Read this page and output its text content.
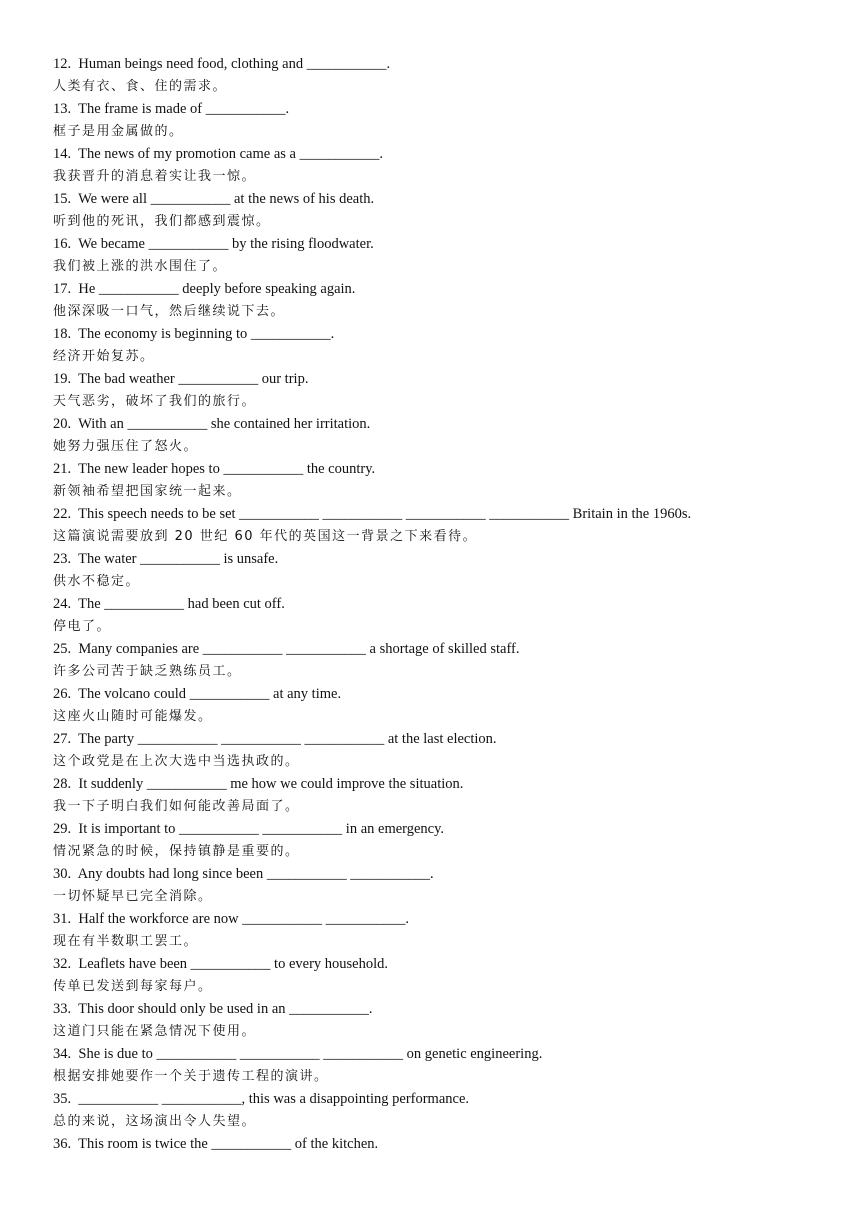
12.  Human beings need food, clothing and ___________.
人类有衣、食、住的需求。
13.  The frame is made of ___________.
框子是用金属做的。
14.  The news of my promotion came as a ___________.
我获晋升的消息着实让我一惊。
15.  We were all ___________ at the news of his death.
听到他的死讯，我们都感到震惊。
16.  We became ___________ by the rising floodwater.
我们被上涨的洪水围住了。
17.  He ___________ deeply before speaking again.
他深深吸一口气，然后继续说下去。
18.  The economy is beginning to ___________.
经济开始复苏。
19.  The bad weather ___________ our trip.
天气恶劣，破坏了我们的旅行。
20.  With an ___________ she contained her irritation.
她努力强压住了怒火。
21.  The new leader hopes to ___________ the country.
新领袖希望把国家统一起来。
22.  This speech needs to be set ___________ ___________ ___________ ___________ Britain in the 1960s.
这篇演说需要放到 20 世纪 60 年代的英国这一背景之下来看待。
23.  The water ___________ is unsafe.
供水不稳定。
24.  The ___________ had been cut off.
停电了。
25.  Many companies are ___________ ___________ a shortage of skilled staff.
许多公司苦于缺乏熟练员工。
26.  The volcano could ___________ at any time.
这座火山随时可能爆发。
27.  The party ___________ ___________ ___________ at the last election.
这个政党是在上次大选中当选执政的。
28.  It suddenly ___________ me how we could improve the situation.
我一下子明白我们如何能改善局面了。
29.  It is important to ___________ ___________ in an emergency.
情况紧急的时候，保持镇静是重要的。
30.  Any doubts had long since been ___________ ___________.
一切怀疑早已完全消除。
31.  Half the workforce are now ___________ ___________.
现在有半数职工罢工。
32.  Leaflets have been ___________ to every household.
传单已发送到每家每户。
33.  This door should only be used in an ___________.
这道门只能在紧急情况下使用。
34.  She is due to ___________ ___________ ___________ on genetic engineering.
根据安排她要作一个关于遗传工程的演讲。
35.  ___________ ___________, this was a disappointing performance.
总的来说，这场演出令人失望。
36.  This room is twice the ___________ of the kitchen.
